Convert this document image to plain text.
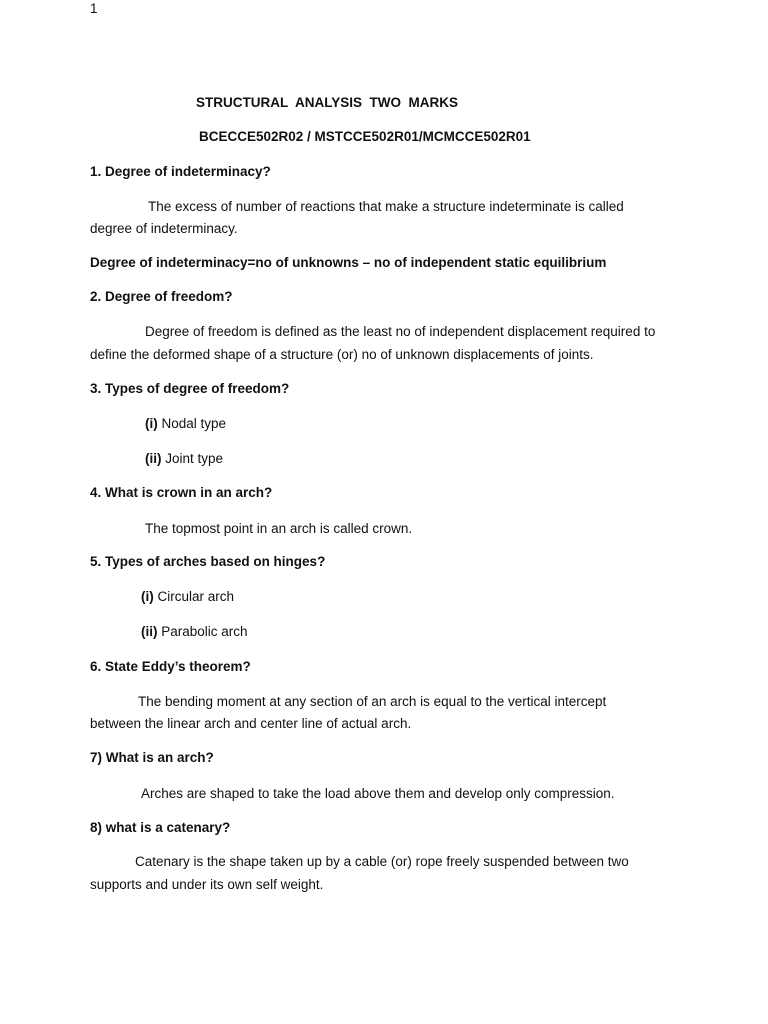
1
STRUCTURAL  ANALYSIS  TWO  MARKS
BCECCE502R02 / MSTCCE502R01/MCMCCE502R01
1. Degree of indeterminacy?
The excess of number of reactions that make a structure indeterminate is called
degree of indeterminacy.
Degree of indeterminacy=no of unknowns – no of independent static equilibrium
2. Degree of freedom?
Degree of freedom is defined as the least no of independent displacement required to
define the deformed shape of a structure (or) no of unknown displacements of joints.
3. Types of degree of freedom?
(i) Nodal type
(ii) Joint type
4. What is crown in an arch?
The topmost point in an arch is called crown.
5. Types of arches based on hinges?
(i) Circular arch
(ii) Parabolic arch
6. State Eddy’s theorem?
The bending moment at any section of an arch is equal to the vertical intercept
between the linear arch and center line of actual arch.
7) What is an arch?
Arches are shaped to take the load above them and develop only compression.
8) what is a catenary?
Catenary is the shape taken up by a cable (or) rope freely suspended between two
supports and under its own self weight.
